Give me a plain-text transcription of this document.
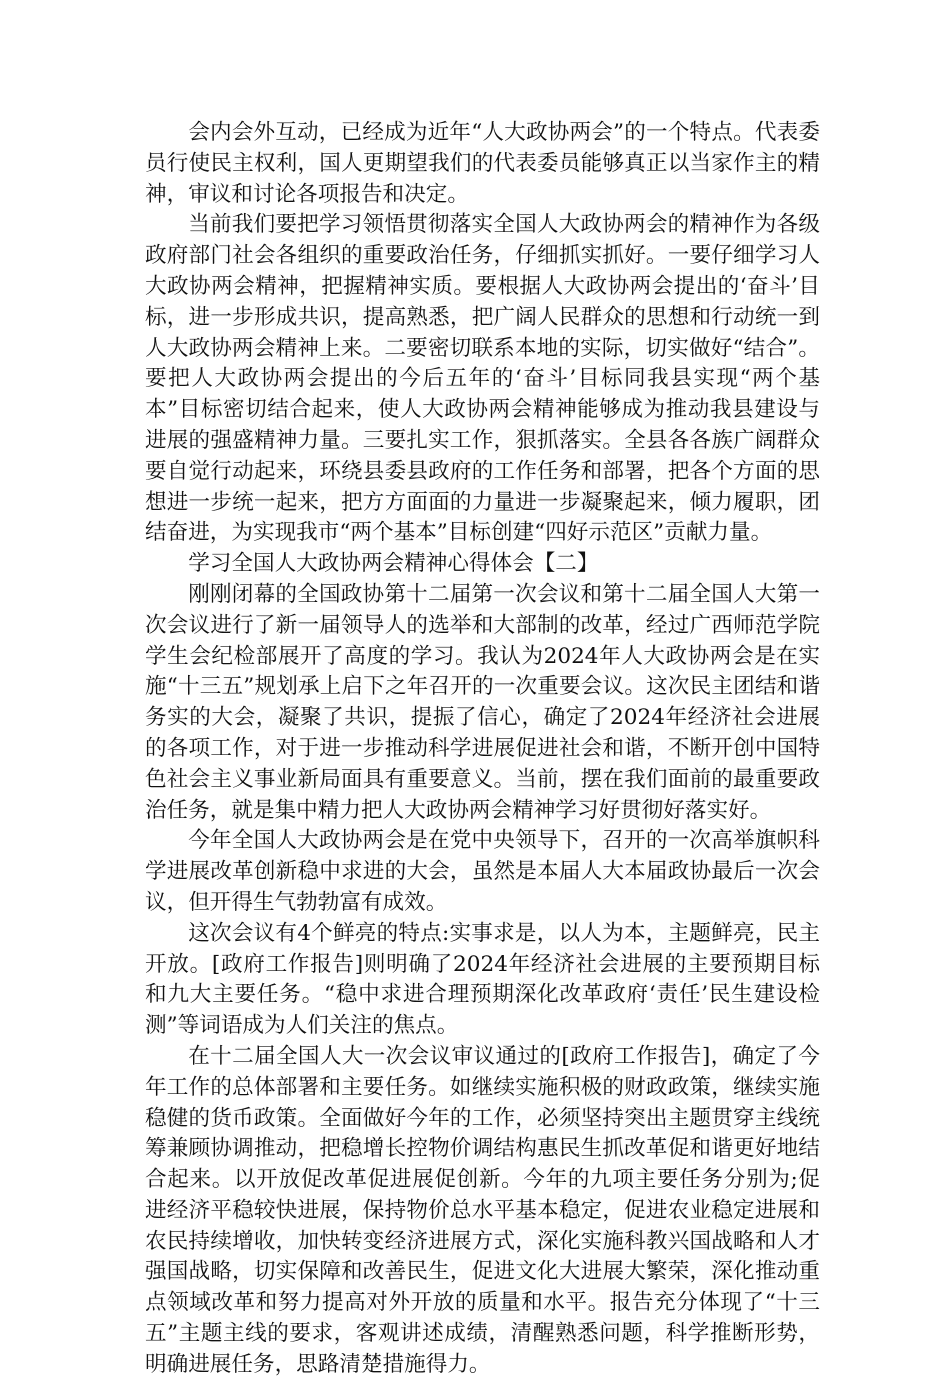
会内会外互动，已经成为近年“人大政协两会”的一个特点。代表委员行使民主权利，国人更期望我们的代表委员能够真正以当家作主的精神，审议和讨论各项报告和决定。

当前我们要把学习领悟贯彻落实全国人大政协两会的精神作为各级政府部门社会各组织的重要政治任务，仔细抓实抓好。一要仔细学习人大政协两会精神，把握精神实质。要根据人大政协两会提出的‘奋斗’目标，进一步形成共识，提高熟悉，把广阔人民群众的思想和行动统一到人大政协两会精神上来。二要密切联系本地的实际，切实做好“结合”。要把人大政协两会提出的今后五年的‘奋斗’目标同我县实现“两个基本”目标密切结合起来，使人大政协两会精神能够成为推动我县建设与进展的强盛精神力量。三要扎实工作，狠抓落实。全县各各族广阔群众要自觉行动起来，环绕县委县政府的工作任务和部署，把各个方面的思想进一步统一起来，把方方面面的力量进一步凝聚起来，倾力履职，团结奋进，为实现我市“两个基本”目标创建“四好示范区”贡献力量。

学习全国人大政协两会精神心得体会【二】

刚刚闭幕的全国政协第十二届第一次会议和第十二届全国人大第一次会议进行了新一届领导人的选举和大部制的改革，经过广西师范学院学生会纪检部展开了高度的学习。我认为2024年人大政协两会是在实施“十三五”规划承上启下之年召开的一次重要会议。这次民主团结和谐务实的大会，凝聚了共识，提振了信心，确定了2024年经济社会进展的各项工作，对于进一步推动科学进展促进社会和谐，不断开创中国特色社会主义事业新局面具有重要意义。当前，摆在我们面前的最重要政治任务，就是集中精力把人大政协两会精神学习好贯彻好落实好。

今年全国人大政协两会是在党中央领导下，召开的一次高举旗帜科学进展改革创新稳中求进的大会，虽然是本届人大本届政协最后一次会议，但开得生气勃勃富有成效。

这次会议有4个鲜亮的特点:实事求是，以人为本，主题鲜亮，民主开放。[政府工作报告]则明确了2024年经济社会进展的主要预期目标和九大主要任务。“稳中求进合理预期深化改革政府‘责任’民生建设检测”等词语成为人们关注的焦点。

在十二届全国人大一次会议审议通过的[政府工作报告]，确定了今年工作的总体部署和主要任务。如继续实施积极的财政政策，继续实施稳健的货币政策。全面做好今年的工作，必须坚持突出主题贯穿主线统筹兼顾协调推动，把稳增长控物价调结构惠民生抓改革促和谐更好地结合起来。以开放促改革促进展促创新。今年的九项主要任务分别为;促进经济平稳较快进展，保持物价总水平基本稳定，促进农业稳定进展和农民持续增收，加快转变经济进展方式，深化实施科教兴国战略和人才强国战略，切实保障和改善民生，促进文化大进展大繁荣，深化推动重点领域改革和努力提高对外开放的质量和水平。报告充分体现了“十三五”主题主线的要求，客观讲述成绩，清醒熟悉问题，科学推断形势，明确进展任务，思路清楚措施得力。
